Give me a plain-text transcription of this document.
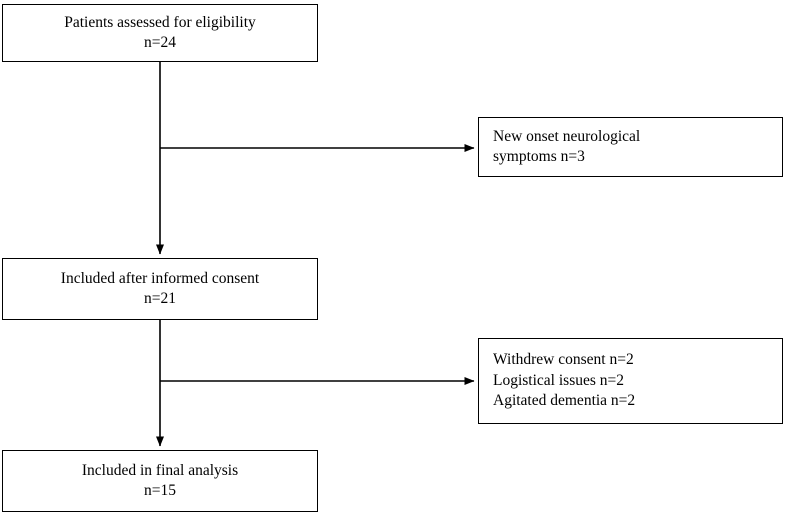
Patients assessed for eligibility
n=24
New onset neurological
symptoms n=3
Included after informed consent
n=21
Withdrew consent n=2
Logistical issues n=2
Agitated dementia n=2
Included in final analysis
n=15
